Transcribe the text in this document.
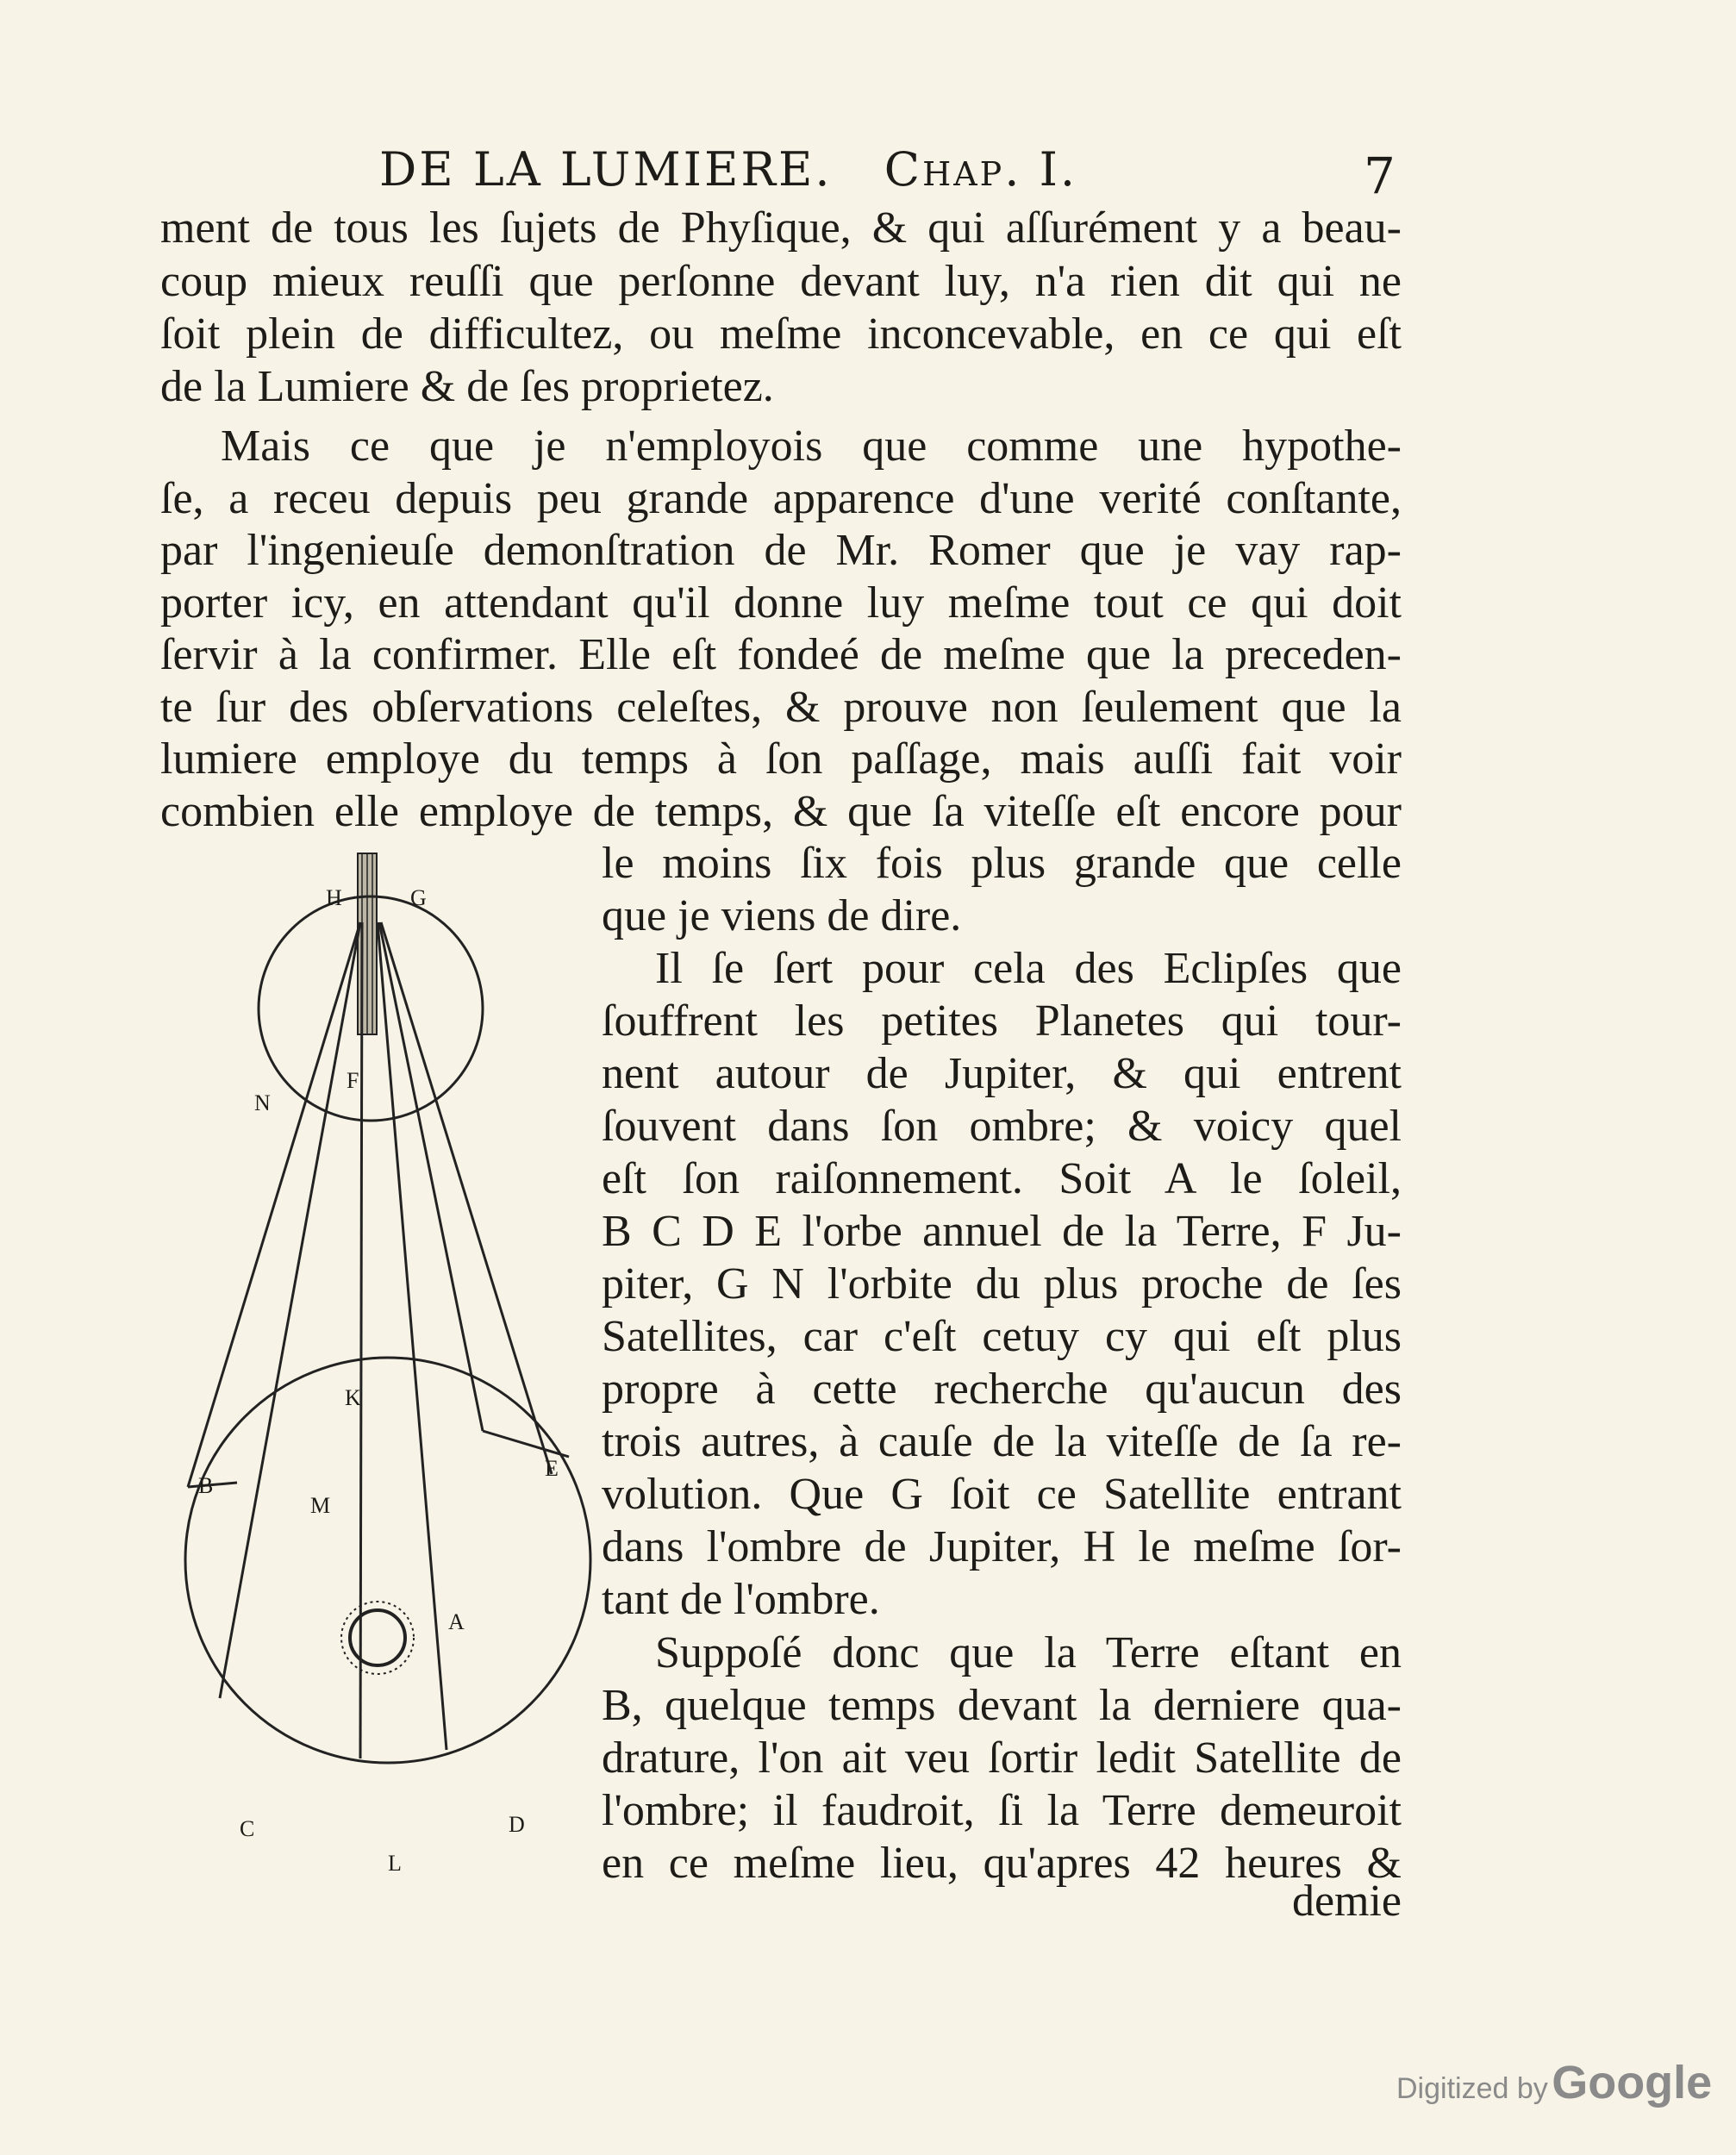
DE LA LUMIERE. Chap. I.	7
ment de tous les ſujets de Phyſique, & qui aſſurément y a beau-
coup mieux reuſſi que perſonne devant luy, n'a rien dit qui ne
ſoit plein de difficultez, ou meſme inconcevable, en ce qui eſt
de la Lumiere & de ſes proprietez.
Mais ce que je n'employois que comme une hypothe-
ſe, a receu depuis peu grande apparence d'une verité conſtante,
par l'ingenieuſe demonſtration de Mr. Romer que je vay rap-
porter icy, en attendant qu'il donne luy meſme tout ce qui doit
ſervir à la confirmer. Elle eſt fondeé de meſme que la preceden-
te ſur des obſervations celeſtes, & prouve non ſeulement que la
lumiere employe du temps à ſon paſſage, mais auſſi fait voir
combien elle employe de temps, & que ſa viteſſe eſt encore pour
le moins ſix fois plus grande que celle
que je viens de dire.
Il ſe ſert pour cela des Eclipſes que
ſouffrent les petites Planetes qui tour-
nent autour de Jupiter, & qui entrent
ſouvent dans ſon ombre; & voicy quel
eſt ſon raiſonnement. Soit A le ſoleil,
B C D E l'orbe annuel de la Terre, F Ju-
piter, G N l'orbite du plus proche de ſes
Satellites, car c'eſt cetuy cy qui eſt plus
propre à cette recherche qu'aucun des
trois autres, à cauſe de la viteſſe de ſa re-
volution. Que G ſoit ce Satellite entrant
dans l'ombre de Jupiter, H le meſme ſor-
tant de l'ombre.
Suppoſé donc que la Terre eſtant en
B, quelque temps devant la derniere qua-
drature, l'on ait veu ſortir ledit Satellite de
l'ombre; il faudroit, ſi la Terre demeuroit
en ce meſme lieu, qu'apres 42 heures &
demie
H	G
F
N
K
B
E
M
A
C	D
L
Digitized by Google
